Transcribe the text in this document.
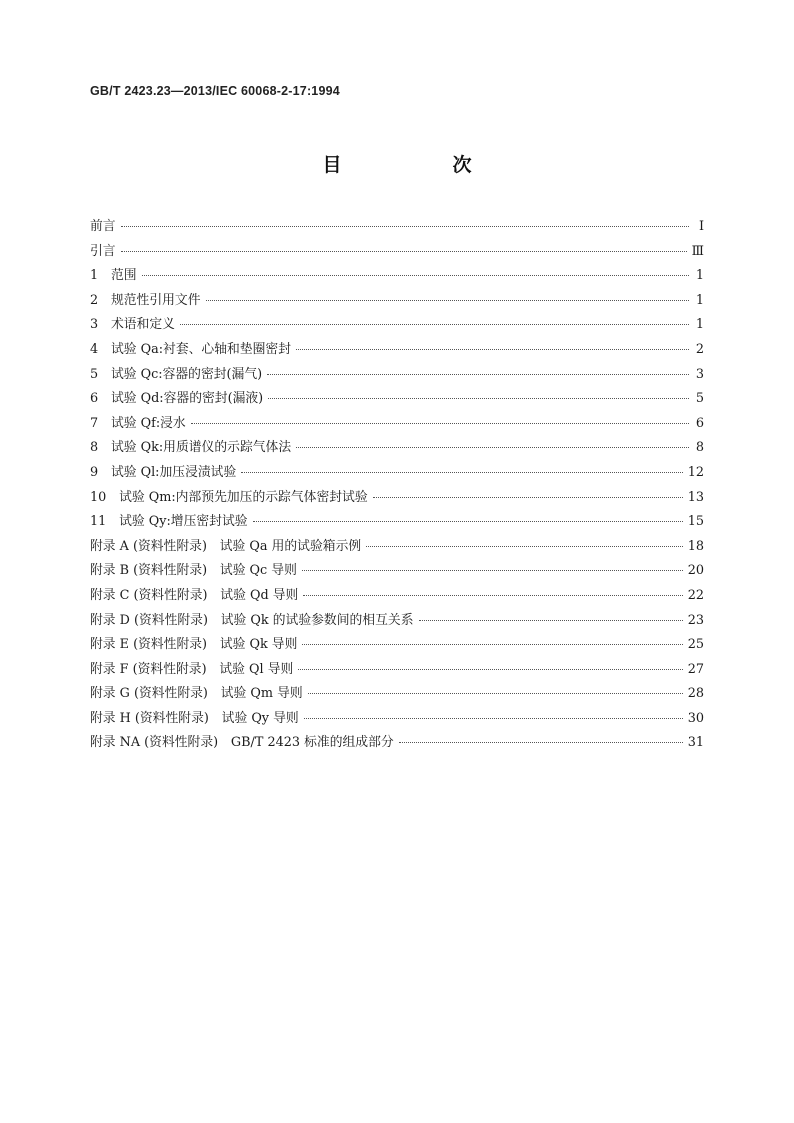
GB/T 2423.23—2013/IEC 60068-2-17:1994
目　次
前言	Ⅰ
引言	Ⅲ
1　范围	1
2　规范性引用文件	1
3　术语和定义	1
4　试验 Qa:衬套、心轴和垫圈密封	2
5　试验 Qc:容器的密封(漏气)	3
6　试验 Qd:容器的密封(漏液)	5
7　试验 Qf:浸水	6
8　试验 Qk:用质谱仪的示踪气体法	8
9　试验 Ql:加压浸渍试验	12
10　试验 Qm:内部预先加压的示踪气体密封试验	13
11　试验 Qy:增压密封试验	15
附录 A (资料性附录)　试验 Qa 用的试验箱示例	18
附录 B (资料性附录)　试验 Qc 导则	20
附录 C (资料性附录)　试验 Qd 导则	22
附录 D (资料性附录)　试验 Qk 的试验参数间的相互关系	23
附录 E (资料性附录)　试验 Qk 导则	25
附录 F (资料性附录)　试验 Ql 导则	27
附录 G (资料性附录)　试验 Qm 导则	28
附录 H (资料性附录)　试验 Qy 导则	30
附录 NA (资料性附录)　GB/T 2423 标准的组成部分	31
